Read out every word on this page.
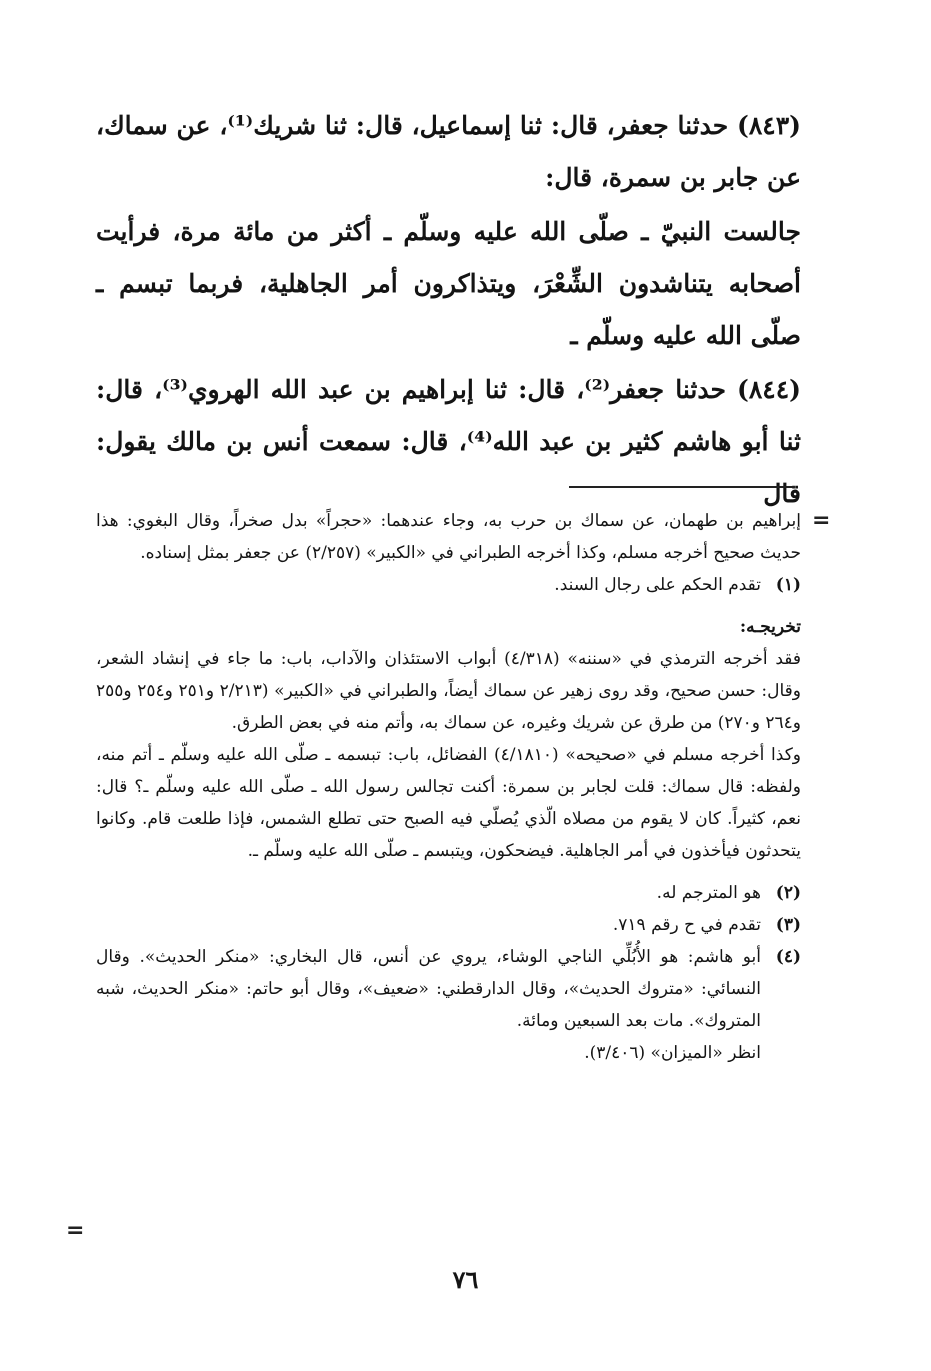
(٨٤٣) حدثنا جعفر، قال: ثنا إسماعيل، قال: ثنا شريك⁽¹⁾، عن سماك، عن جابر بن سمرة، قال:

جالست النبيّ ـ صلّى الله عليه وسلّم ـ أكثر من مائة مرة، فرأيت أصحابه يتناشدون الشِّعْرَ، ويتذاكرون أمر الجاهلية، فربما تبسم ـ صلّى الله عليه وسلّم ـ

(٨٤٤) حدثنا جعفر⁽²⁾، قال: ثنا إبراهيم بن عبد الله الهروي⁽³⁾، قال: ثنا أبو هاشم كثير بن عبد الله⁽⁴⁾، قال: سمعت أنس بن مالك يقول: قال

=
=

إبراهيم بن طهمان، عن سماك بن حرب به، وجاء عندهما: «حجراً» بدل صخراً، وقال البغوي: هذا حديث صحيح أخرجه مسلم، وكذا أخرجه الطبراني في «الكبير» (٢/٢٥٧) عن جعفر بمثل إسناده.

(١)
تقدم الحكم على رجال السند.

تخريجـه:

فقد أخرجه الترمذي في «سننه» (٤/٣١٨) أبواب الاستئذان والآداب، باب: ما جاء في إنشاد الشعر، وقال: حسن صحيح، وقد روى زهير عن سماك أيضاً، والطبراني في «الكبير» (٢/٢١٣ و٢٥١ و٢٥٤ و٢٥٥ و٢٦٤ و٢٧٠) من طرق عن شريك وغيره، عن سماك به، وأتم منه في بعض الطرق.

وكذا أخرجه مسلم في «صحيحه» (٤/١٨١٠) الفضائل، باب: تبسمه ـ صلّى الله عليه وسلّم ـ أتم منه، ولفظه: قال سماك: قلت لجابر بن سمرة: أكنت تجالس رسول الله ـ صلّى الله عليه وسلّم ـ؟ قال: نعم، كثيراً. كان لا يقوم من مصلاه الّذي يُصلّي فيه الصبح حتى تطلع الشمس، فإذا طلعت قام. وكانوا يتحدثون فيأخذون في أمر الجاهلية. فيضحكون، ويتبسم ـ صلّى الله عليه وسلّم ـ.

(٢)
هو المترجم له.
(٣)
تقدم في ح رقم ٧١٩.
(٤)
أبو هاشم: هو الأُبُلِّي الناجي الوشاء، يروي عن أنس، قال البخاري: «منكر الحديث». وقال النسائي: «متروك الحديث»، وقال الدارقطني: «ضعيف»، وقال أبو حاتم: «منكر الحديث، شبه المتروك». مات بعد السبعين ومائة.
انظر «الميزان» (٣/٤٠٦).
٧٦
